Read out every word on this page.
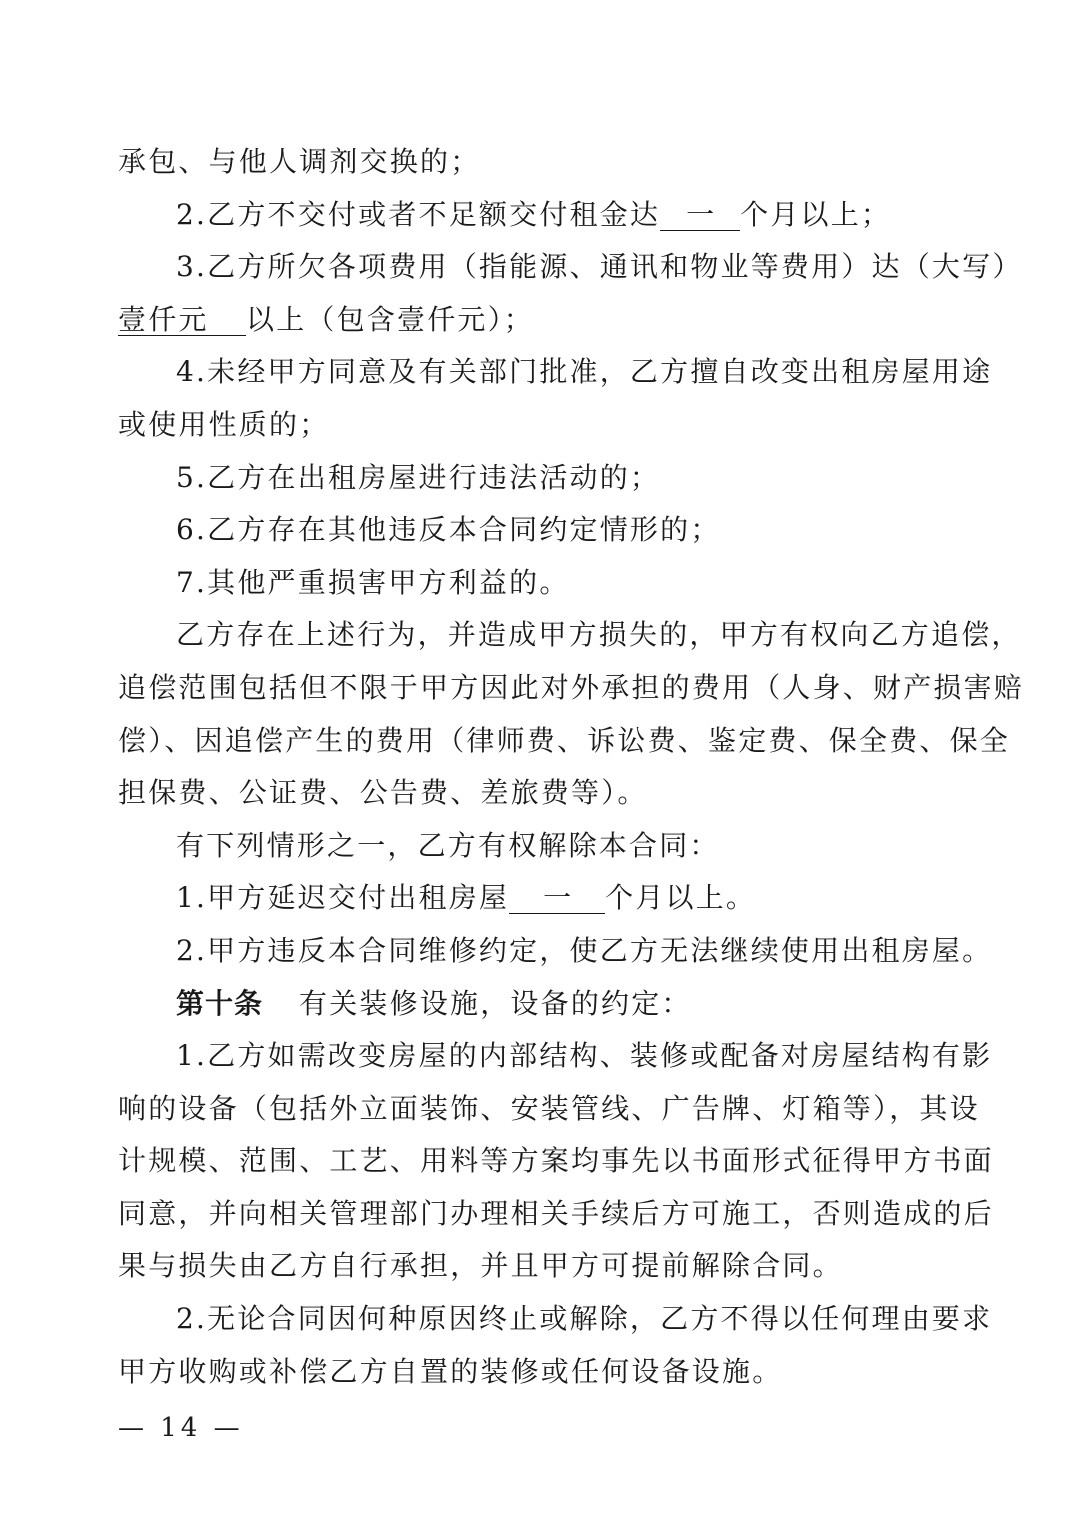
承包、与他人调剂交换的；
2.乙方不交付或者不足额交付租金达 一 个月以上；
3.乙方所欠各项费用（指能源、通讯和物业等费用）达（大写）
壹仟元 以上（包含壹仟元）；
4.未经甲方同意及有关部门批准，乙方擅自改变出租房屋用途
或使用性质的；
5.乙方在出租房屋进行违法活动的；
6.乙方存在其他违反本合同约定情形的；
7.其他严重损害甲方利益的。
乙方存在上述行为，并造成甲方损失的，甲方有权向乙方追偿，
追偿范围包括但不限于甲方因此对外承担的费用（人身、财产损害赔
偿）、因追偿产生的费用（律师费、诉讼费、鉴定费、保全费、保全
担保费、公证费、公告费、差旅费等）。
有下列情形之一，乙方有权解除本合同：
1.甲方延迟交付出租房屋 一 个月以上。
2.甲方违反本合同维修约定，使乙方无法继续使用出租房屋。
第十条 有关装修设施，设备的约定：
1.乙方如需改变房屋的内部结构、装修或配备对房屋结构有影
响的设备（包括外立面装饰、安装管线、广告牌、灯箱等），其设
计规模、范围、工艺、用料等方案均事先以书面形式征得甲方书面
同意，并向相关管理部门办理相关手续后方可施工，否则造成的后
果与损失由乙方自行承担，并且甲方可提前解除合同。
2.无论合同因何种原因终止或解除，乙方不得以任何理由要求
甲方收购或补偿乙方自置的装修或任何设备设施。
— 14 —
